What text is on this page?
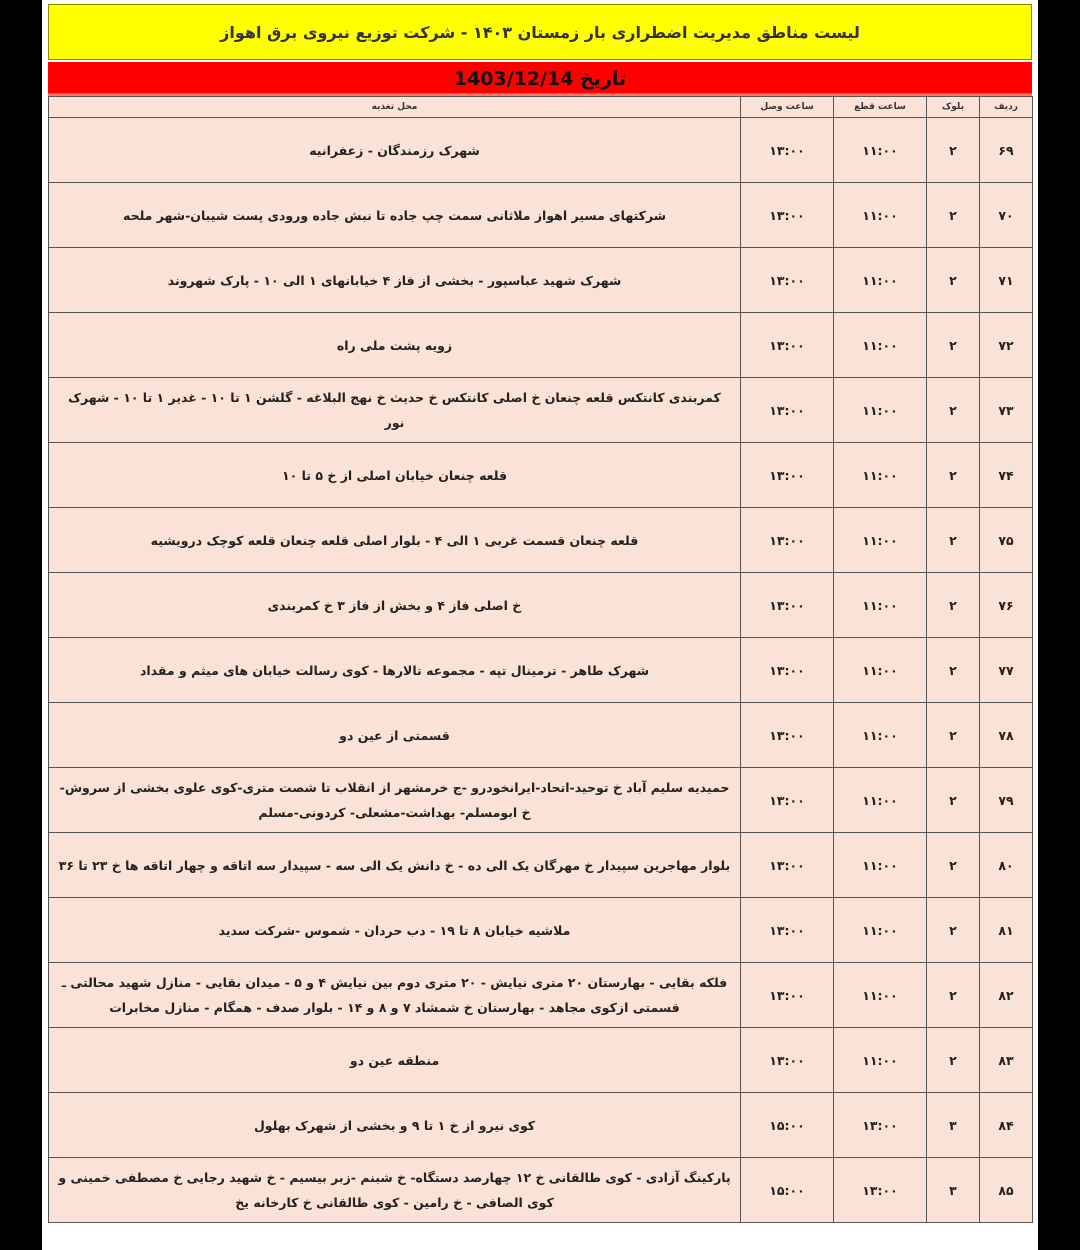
لیست مناطق مدیریت اضطراری بار زمستان ۱۴۰۳ - شرکت توزیع نیروی برق اهواز
تاریخ 1403/12/14
ردیف	بلوک	ساعت قطع	ساعت وصل	محل تغذیه
۶۹	۲	۱۱:۰۰	۱۳:۰۰	شهرک رزمندگان - زعفرانیه
۷۰	۲	۱۱:۰۰	۱۳:۰۰	شرکتهای مسیر اهواز ملاثانی سمت چپ جاده تا نبش جاده ورودی پست شیبان-شهر ملحه
۷۱	۲	۱۱:۰۰	۱۳:۰۰	شهرک شهید عباسپور - بخشی از فاز ۴ خیابانهای ۱ الی ۱۰ - پارک شهروند
۷۲	۲	۱۱:۰۰	۱۳:۰۰	زویه پشت ملی راه
۷۳	۲	۱۱:۰۰	۱۳:۰۰	کمربندی کانتکس قلعه چنعان خ اصلی کانتکس خ حدیث خ نهج البلاغه - گلشن ۱ تا ۱۰ - غدیر ۱ تا ۱۰ - شهرک نور
۷۴	۲	۱۱:۰۰	۱۳:۰۰	قلعه چنعان خیابان اصلی از خ ۵ تا ۱۰
۷۵	۲	۱۱:۰۰	۱۳:۰۰	قلعه چنعان قسمت غربی ۱ الی ۴ - بلوار اصلی قلعه چنعان قلعه کوچک درویشیه
۷۶	۲	۱۱:۰۰	۱۳:۰۰	خ اصلی فاز ۴ و بخش از فاز ۳ خ کمربندی
۷۷	۲	۱۱:۰۰	۱۳:۰۰	شهرک طاهر - ترمینال تپه - مجموعه تالارها - کوی رسالت خیابان های میثم و مقداد
۷۸	۲	۱۱:۰۰	۱۳:۰۰	قسمتی از عین دو
۷۹	۲	۱۱:۰۰	۱۳:۰۰	حمیدیه سلیم آباد خ توحید-اتحاد-ایرانخودرو -ج خرمشهر از انقلاب تا شصت متری-کوی علوی بخشی از سروش-خ ابومسلم- بهداشت-مشعلی- کردونی-مسلم
۸۰	۲	۱۱:۰۰	۱۳:۰۰	بلوار مهاجرین سپیدار خ مهرگان یک الی ده - خ دانش یک الی سه - سپیدار سه اتاقه و چهار اتاقه ها خ ۲۳ تا ۳۶
۸۱	۲	۱۱:۰۰	۱۳:۰۰	ملاشیه خیابان ۸ تا ۱۹ - دب حردان - شموس -شرکت سدید
۸۲	۲	۱۱:۰۰	۱۳:۰۰	فلکه بقایی - بهارستان ۲۰ متری نیایش - ۲۰ متری دوم بین نیایش ۴ و ۵ - میدان بقایی - منازل شهید محالتی ـ قسمتی ازکوی مجاهد - بهارستان خ شمشاد ۷ و ۸ و ۱۴ - بلوار صدف - همگام - منازل مخابرات
۸۳	۲	۱۱:۰۰	۱۳:۰۰	منطقه عین دو
۸۴	۳	۱۳:۰۰	۱۵:۰۰	کوی نیرو از خ ۱ تا ۹ و بخشی از شهرک بهلول
۸۵	۳	۱۳:۰۰	۱۵:۰۰	پارکینگ آزادی - کوی طالقانی خ ۱۲ چهارصد دستگاه- خ شبنم -زبر بیسیم - خ شهید رجایی خ مصطفی خمینی و کوی الصافی - خ رامین - کوی طالقانی خ کارخانه یخ
